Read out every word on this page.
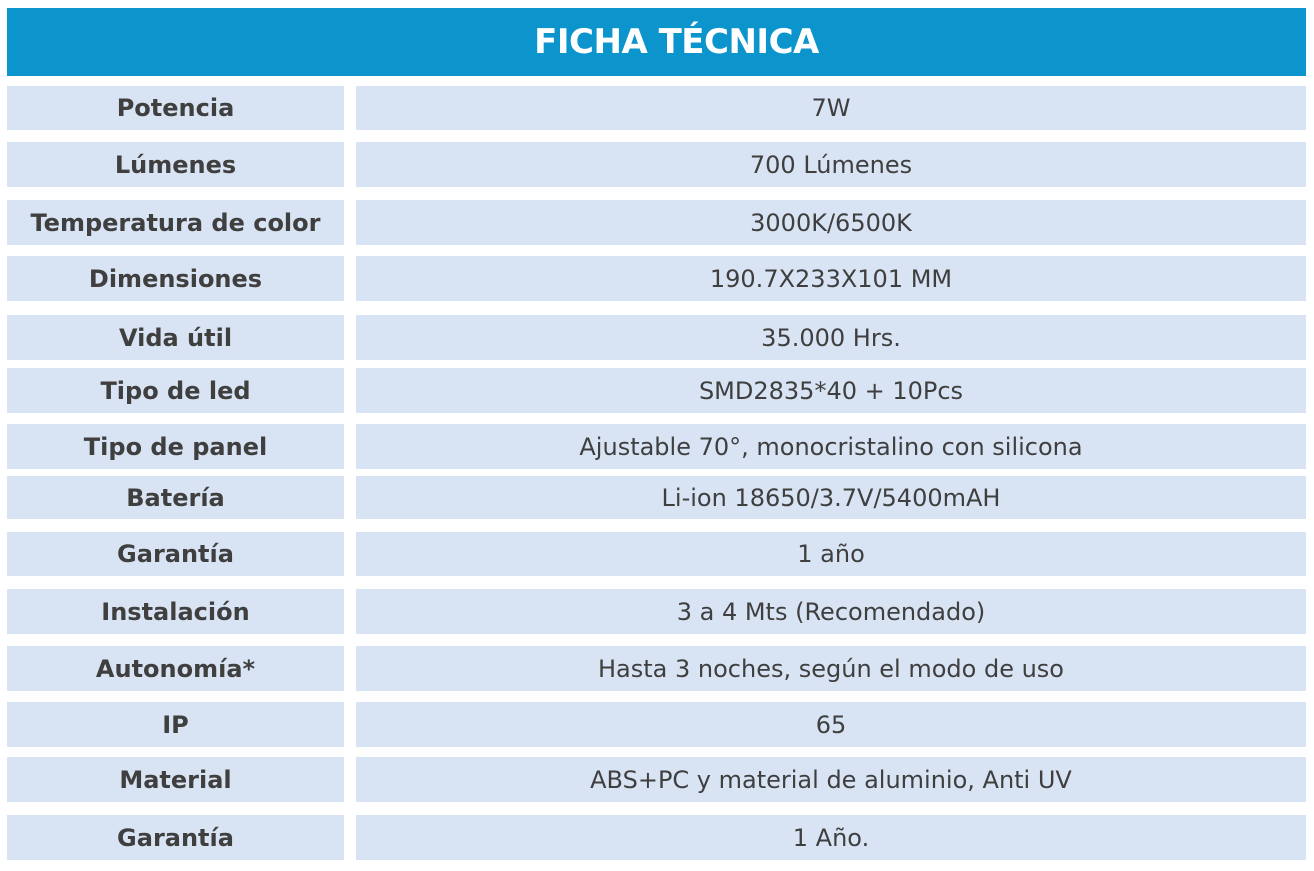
FICHA TÉCNICA
Potencia	7W
Lúmenes	700 Lúmenes
Temperatura de color	3000K/6500K
Dimensiones	190.7X233X101 MM
Vida útil	35.000 Hrs.
Tipo de led	SMD2835*40 + 10Pcs
Tipo de panel	Ajustable 70°, monocristalino con silicona
Batería	Li-ion 18650/3.7V/5400mAH
Garantía	1 año
Instalación	3 a 4 Mts (Recomendado)
Autonomía*	Hasta 3 noches, según el modo de uso
IP	65
Material	ABS+PC y material de aluminio, Anti UV
Garantía	1 Año.
